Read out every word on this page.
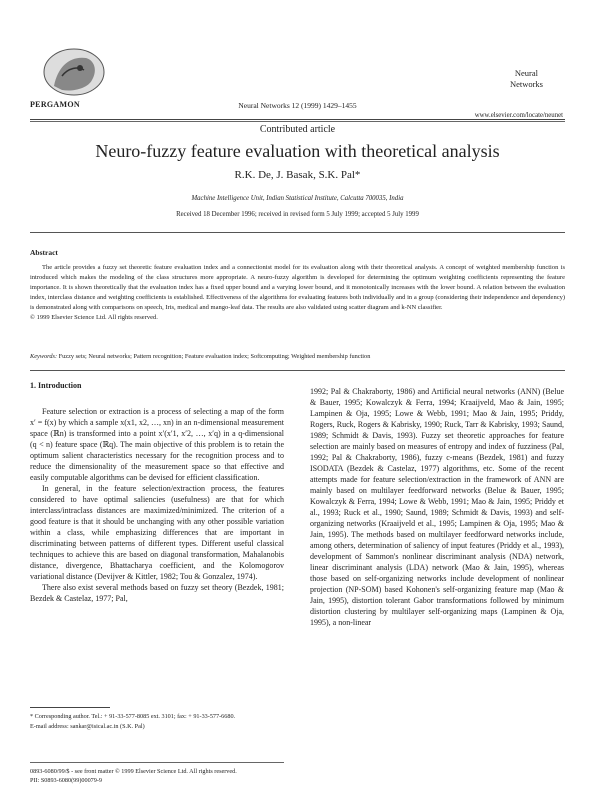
PERGAMON	Neural Networks 12 (1999) 1429–1455
Neural
Networks
www.elsevier.com/locate/neunet
Contributed article
Neuro-fuzzy feature evaluation with theoretical analysis
R.K. De, J. Basak, S.K. Pal*
Machine Intelligence Unit, Indian Statistical Institute, Calcutta 700035, India
Received 18 December 1996; received in revised form 5 July 1999; accepted 5 July 1999
Abstract

The article provides a fuzzy set theoretic feature evaluation index and a connectionist model for its evaluation along with their theoretical analysis. A concept of weighted membership function is introduced which makes the modeling of the class structures more appropriate. A neuro-fuzzy algorithm is developed for determining the optimum weighting coefficients representing the feature importance. It is shown theoretically that the evaluation index has a fixed upper bound and a varying lower bound, and it monotonically increases with the lower bound. A relation between the evaluation index, interclass distance and weighting coefficients is established. Effectiveness of the algorithms for evaluating features both individually and in a group (considering their independence and dependency) is demonstrated along with comparisons on speech, Iris, medical and mango-leaf data. The results are also validated using scatter diagram and k-NN classifier.

© 1999 Elsevier Science Ltd. All rights reserved.
Keywords: Fuzzy sets; Neural networks; Pattern recognition; Feature evaluation index; Softcomputing; Weighted membership function
1. Introduction

Feature selection or extraction is a process of selecting a map of the form x′ = f(x) by which a sample x(x1, x2, …, xn) in an n-dimensional measurement space (ℝn) is transformed into a point x′(x′1, x′2, …, x′q) in a q-dimensional (q < n) feature space (ℝq). The main objective of this problem is to retain the optimum salient characteristics necessary for the recognition process and to reduce the dimensionality of the measurement space so that effective and easily computable algorithms can be devised for efficient classification.

In general, in the feature selection/extraction process, the features considered to have optimal saliencies (usefulness) are that for which interclass/intraclass distances are maximized/minimized. The criterion of a good feature is that it should be unchanging with any other possible variation within a class, while emphasizing differences that are important in discriminating between patterns of different types. Different useful classical techniques to achieve this are based on diagonal transformation, Mahalanobis distance, divergence, Bhattacharya coefficient, and the Kolomogorov variational distance (Devijver & Kittler, 1982; Tou & Gonzalez, 1974).

There also exist several methods based on fuzzy set theory (Bezdek, 1981; Bezdek & Castelaz, 1977; Pal,

1992; Pal & Chakraborty, 1986) and Artificial neural networks (ANN) (Belue & Bauer, 1995; Kowalczyk & Ferra, 1994; Kraaijveld, Mao & Jain, 1995; Lampinen & Oja, 1995; Lowe & Webb, 1991; Mao & Jain, 1995; Priddy, Rogers, Ruck, Rogers & Kabrisky, 1990; Ruck, Tarr & Kabrisky, 1993; Saund, 1989; Schmidt & Davis, 1993). Fuzzy set theoretic approaches for feature selection are mainly based on measures of entropy and index of fuzziness (Pal, 1992; Pal & Chakraborty, 1986), fuzzy c-means (Bezdek, 1981) and fuzzy ISODATA (Bezdek & Castelaz, 1977) algorithms, etc. Some of the recent attempts made for feature selection/extraction in the framework of ANN are mainly based on multilayer feedforward networks (Belue & Bauer, 1995; Kowalczyk & Ferra, 1994; Lowe & Webb, 1991; Mao & Jain, 1995; Priddy et al., 1993; Ruck et al., 1990; Saund, 1989; Schmidt & Davis, 1993) and self-organizing networks (Kraaijveld et al., 1995; Lampinen & Oja, 1995; Mao & Jain, 1995). The methods based on multilayer feedforward networks include, among others, determination of saliency of input features (Priddy et al., 1993), development of Sammon's nonlinear discriminant analysis (NDA) network, linear discriminant analysis (LDA) network (Mao & Jain, 1995), whereas those based on self-organizing networks include development of nonlinear projection (NP-SOM) based Kohonen's self-organizing feature map (Mao & Jain, 1995), distortion tolerant Gabor transformations followed by minimum distortion clustering by multilayer self-organizing maps (Lampinen & Oja, 1995), a non-linear

* Corresponding author. Tel.: + 91-33-577-8085 ext. 3101; fax: + 91-33-577-6680.

E-mail address: sankar@isical.ac.in (S.K. Pal)

0893-6080/99/$ - see front matter © 1999 Elsevier Science Ltd. All rights reserved.

PII: S0893-6080(99)00079-9
